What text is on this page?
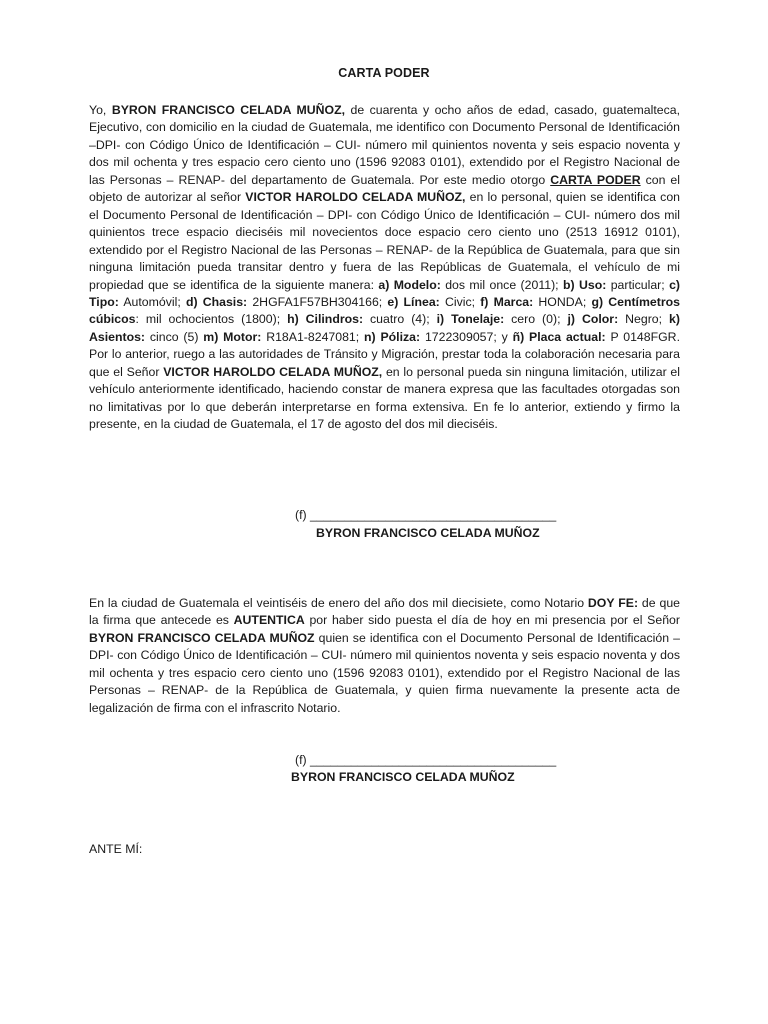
CARTA PODER

Yo, BYRON FRANCISCO CELADA MUÑOZ, de cuarenta y ocho años de edad, casado, guatemalteca, Ejecutivo, con domicilio en la ciudad de Guatemala, me identifico con Documento Personal de Identificación –DPI- con Código Único de Identificación – CUI- número mil quinientos noventa y seis espacio noventa y dos mil ochenta y tres espacio cero ciento uno (1596 92083 0101), extendido por el Registro Nacional de las Personas – RENAP- del departamento de Guatemala. Por este medio otorgo CARTA PODER con el objeto de autorizar al señor VICTOR HAROLDO CELADA MUÑOZ, en lo personal, quien se identifica con el Documento Personal de Identificación – DPI- con Código Único de Identificación – CUI- número dos mil quinientos trece espacio dieciséis mil novecientos doce espacio cero ciento uno (2513 16912 0101), extendido por el Registro Nacional de las Personas – RENAP- de la República de Guatemala, para que sin ninguna limitación pueda transitar dentro y fuera de las Repúblicas de Guatemala, el vehículo de mi propiedad que se identifica de la siguiente manera: a) Modelo: dos mil once (2011); b) Uso: particular; c) Tipo: Automóvil; d) Chasis: 2HGFA1F57BH304166; e) Línea: Civic; f) Marca: HONDA; g) Centímetros cúbicos: mil ochocientos (1800); h) Cilindros: cuatro (4); i) Tonelaje: cero (0); j) Color: Negro; k) Asientos: cinco (5) m) Motor: R18A1-8247081; n) Póliza: 1722309057; y ñ) Placa actual: P 0148FGR. Por lo anterior, ruego a las autoridades de Tránsito y Migración, prestar toda la colaboración necesaria para que el Señor VICTOR HAROLDO CELADA MUÑOZ, en lo personal pueda sin ninguna limitación, utilizar el vehículo anteriormente identificado, haciendo constar de manera expresa que las facultades otorgadas son no limitativas por lo que deberán interpretarse en forma extensiva. En fe lo anterior, extiendo y firmo la presente, en la ciudad de Guatemala, el 17 de agosto del dos mil dieciséis.

(f) ____________________________________
BYRON FRANCISCO CELADA MUÑOZ

En la ciudad de Guatemala el veintiséis de enero del año dos mil diecisiete, como Notario DOY FE: de que la firma que antecede es AUTENTICA por haber sido puesta el día de hoy en mi presencia por el Señor BYRON FRANCISCO CELADA MUÑOZ quien se identifica con el Documento Personal de Identificación – DPI- con Código Único de Identificación – CUI- número mil quinientos noventa y seis espacio noventa y dos mil ochenta y tres espacio cero ciento uno (1596 92083 0101), extendido por el Registro Nacional de las Personas – RENAP- de la República de Guatemala, y quien firma nuevamente la presente acta de legalización de firma con el infrascrito Notario.

(f) ____________________________________
BYRON FRANCISCO CELADA MUÑOZ
ANTE MÍ:
